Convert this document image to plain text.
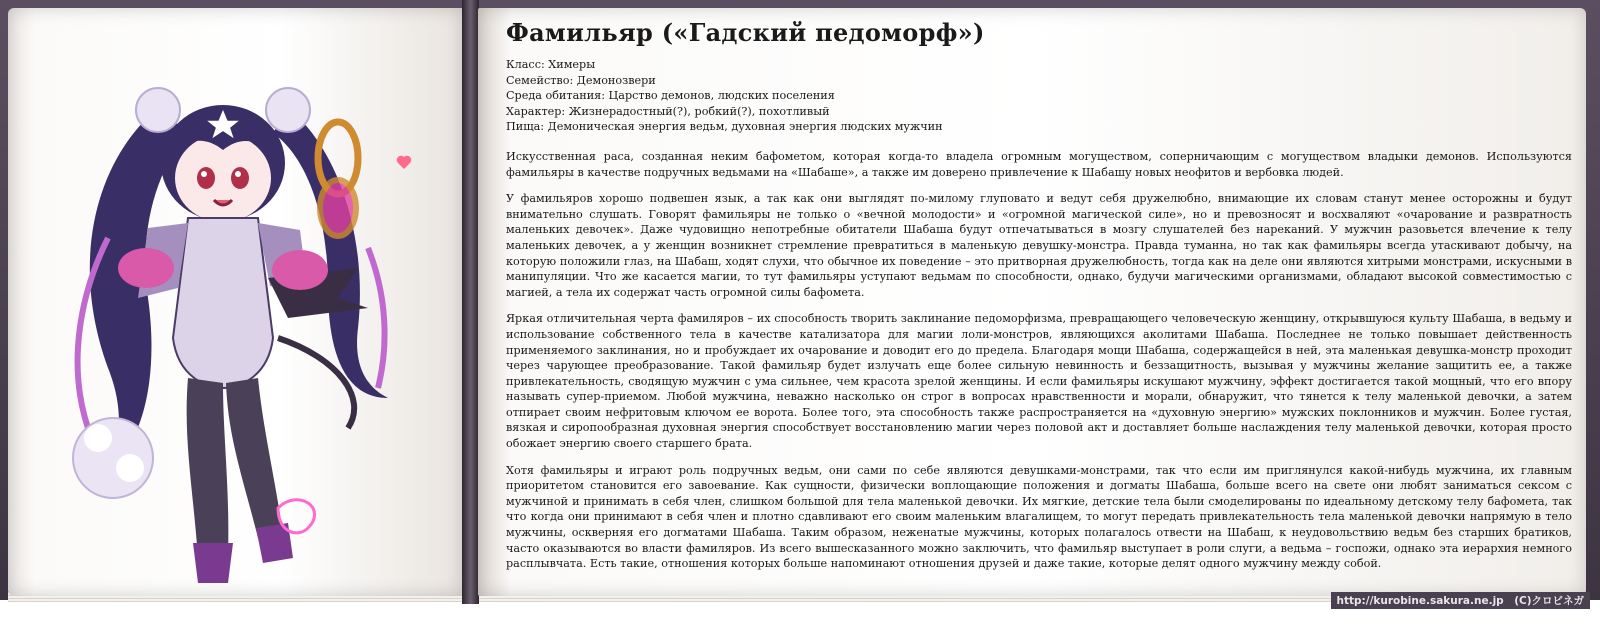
Фамильяр («Гадский педоморф»)
Класс: Химеры
Семейство: Демонозвери
Среда обитания: Царство демонов, людских поселения
Характер: Жизнерадостный(?), робкий(?), похотливый
Пища: Демоническая энергия ведьм, духовная энергия людских мужчин

Искусственная раса, созданная неким бафометом, которая когда-то владела огромным могуществом, соперничающим с могуществом владыки демонов. Используются фамильяры в качестве подручных ведьмами на «Шабаше», а также им доверено привлечение к Шабашу новых неофитов и вербовка людей.

У фамильяров хорошо подвешен язык, а так как они выглядят по-милому глуповато и ведут себя дружелюбно, внимающие их словам станут менее осторожны и будут внимательно слушать. Говорят фамильяры не только о «вечной молодости» и «огромной магической силе», но и превозносят и восхваляют «очарование и развратность маленьких девочек». Даже чудовищно непотребные обитатели Шабаша будут отпечатываться в мозгу слушателей без нареканий. У мужчин разовьется влечение к телу маленьких девочек, а у женщин возникнет стремление превратиться в маленькую девушку-монстра. Правда туманна, но так как фамильяры всегда утаскивают добычу, на которую положили глаз, на Шабаш, ходят слухи, что обычное их поведение – это притворная дружелюбность, тогда как на деле они являются хитрыми монстрами, искусными в манипуляции. Что же касается магии, то тут фамильяры уступают ведьмам по способности, однако, будучи магическими организмами, обладают высокой совместимостью с магией, а тела их содержат часть огромной силы бафомета.

Яркая отличительная черта фамиляров – их способность творить заклинание педоморфизма, превращающего человеческую женщину, открывшуюся культу Шабаша, в ведьму и использование собственного тела в качестве катализатора для магии лоли-монстров, являющихся аколитами Шабаша. Последнее не только повышает действенность применяемого заклинания, но и пробуждает их очарование и доводит его до предела. Благодаря мощи Шабаша, содержащейся в ней, эта маленькая девушка-монстр проходит через чарующее преобразование. Такой фамильяр будет излучать еще более сильную невинность и беззащитность, вызывая у мужчины желание защитить ее, а также привлекательность, сводящую мужчин с ума сильнее, чем красота зрелой женщины. И если фамильяры искушают мужчину, эффект достигается такой мощный, что его впору называть супер-приемом. Любой мужчина, неважно насколько он строг в вопросах нравственности и морали, обнаружит, что тянется к телу маленькой девочки, а затем отпирает своим нефритовым ключом ее ворота. Более того, эта способность также распространяется на «духовную энергию» мужских поклонников и мужчин. Более густая, вязкая и сиропообразная духовная энергия способствует восстановлению магии через половой акт и доставляет больше наслаждения телу маленькой девочки, которая просто обожает энергию своего старшего брата.

Хотя фамильяры и играют роль подручных ведьм, они сами по себе являются девушками-монстрами, так что если им приглянулся какой-нибудь мужчина, их главным приоритетом становится его завоевание. Как сущности, физически воплощающие положения и догматы Шабаша, больше всего на свете они любят заниматься сексом с мужчиной и принимать в себя член, слишком большой для тела маленькой девочки. Их мягкие, детские тела были смоделированы по идеальному детскому телу бафомета, так что когда они принимают в себя член и плотно сдавливают его своим маленьким влагалищем, то могут передать привлекательность тела маленькой девочки напрямую в тело мужчины, оскверняя его догматами Шабаша. Таким образом, неженатые мужчины, которых полагалось отвести на Шабаш, к неудовольствию ведьм без старших братиков, часто оказываются во власти фамиляров. Из всего вышесказанного можно заключить, что фамильяр выступает в роли слуги, а ведьма – госпожи, однако эта иерархия немного расплывчата. Есть такие, отношения которых больше напоминают отношения друзей и даже такие, которые делят одного мужчину между собой.

http://kurobine.sakura.ne.jp　(C)クロビネガ
